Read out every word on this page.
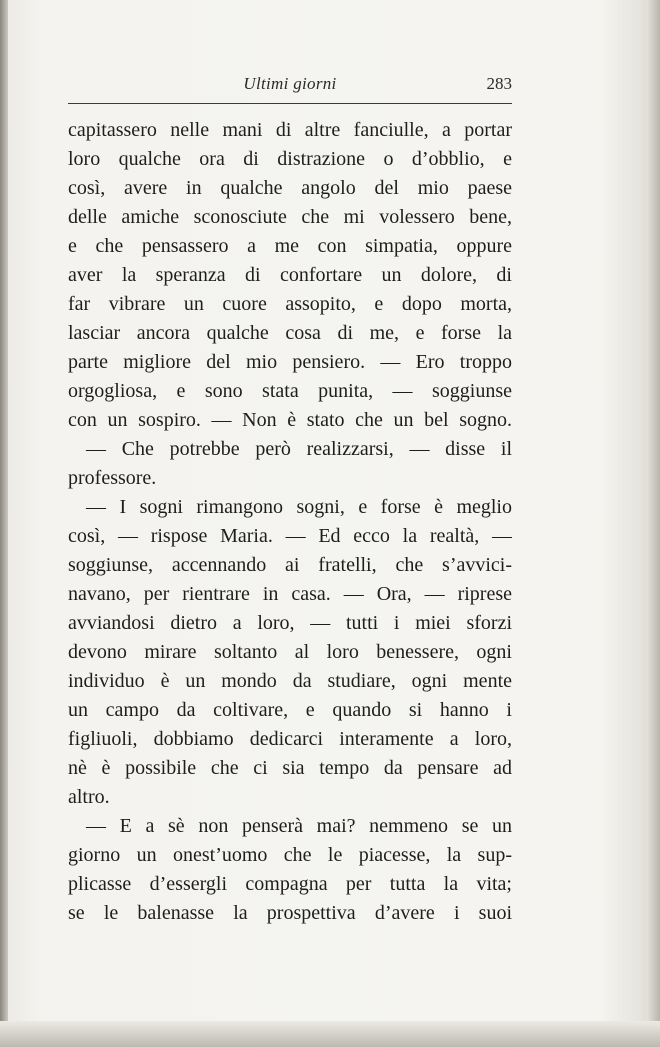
Ultimi giorni	283
capitassero nelle mani di altre fanciulle, a portar
loro qualche ora di distrazione o d’obblio, e
così, avere in qualche angolo del mio paese
delle amiche sconosciute che mi volessero bene,
e che pensassero a me con simpatia, oppure
aver la speranza di confortare un dolore, di
far vibrare un cuore assopito, e dopo morta,
lasciar ancora qualche cosa di me, e forse la
parte migliore del mio pensiero. — Ero troppo
orgogliosa, e sono stata punita, — soggiunse
con un sospiro. — Non è stato che un bel sogno.
— Che potrebbe però realizzarsi, — disse il
professore.
— I sogni rimangono sogni, e forse è meglio
così, — rispose Maria. — Ed ecco la realtà, —
soggiunse, accennando ai fratelli, che s’avvici-
navano, per rientrare in casa. — Ora, — riprese
avviandosi dietro a loro, — tutti i miei sforzi
devono mirare soltanto al loro benessere, ogni
individuo è un mondo da studiare, ogni mente
un campo da coltivare, e quando si hanno i
figliuoli, dobbiamo dedicarci interamente a loro,
nè è possibile che ci sia tempo da pensare ad
altro.
— E a sè non penserà mai? nemmeno se un
giorno un onest’uomo che le piacesse, la sup-
plicasse d’essergli compagna per tutta la vita;
se le balenasse la prospettiva d’avere i suoi
